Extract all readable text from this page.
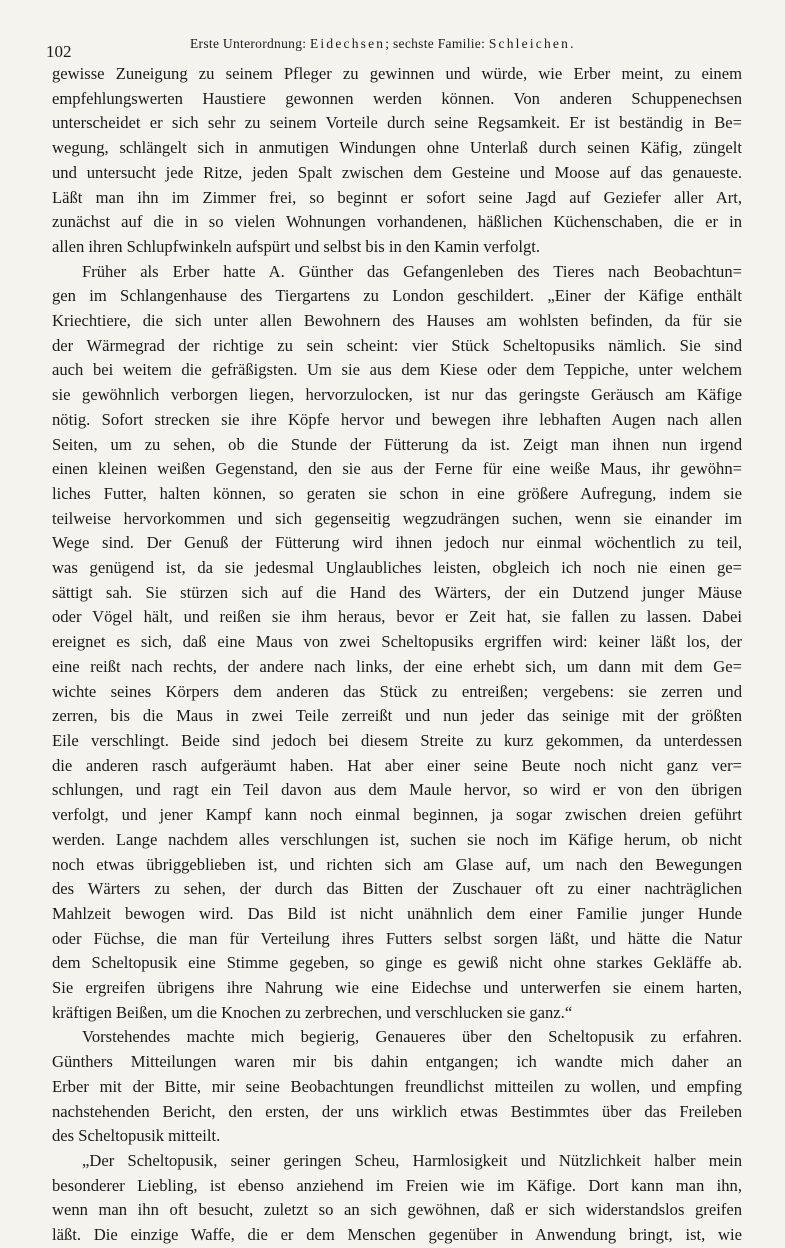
102	Erste Unterordnung: Eidechsen; sechste Familie: Schleichen.
gewisse Zuneigung zu seinem Pfleger zu gewinnen und würde, wie Erber meint, zu einem
empfehlungswerten Haustiere gewonnen werden können. Von anderen Schuppenechsen
unterscheidet er sich sehr zu seinem Vorteile durch seine Regsamkeit. Er ist beständig in Be=
wegung, schlängelt sich in anmutigen Windungen ohne Unterlaß durch seinen Käfig, züngelt
und untersucht jede Ritze, jeden Spalt zwischen dem Gesteine und Moose auf das genaueste.
Läßt man ihn im Zimmer frei, so beginnt er sofort seine Jagd auf Geziefer aller Art,
zunächst auf die in so vielen Wohnungen vorhandenen, häßlichen Küchenschaben, die er in
allen ihren Schlupfwinkeln aufspürt und selbst bis in den Kamin verfolgt.
Früher als Erber hatte A. Günther das Gefangenleben des Tieres nach Beobachtun=
gen im Schlangenhause des Tiergartens zu London geschildert. „Einer der Käfige enthält
Kriechtiere, die sich unter allen Bewohnern des Hauses am wohlsten befinden, da für sie
der Wärmegrad der richtige zu sein scheint: vier Stück Scheltopusiks nämlich. Sie sind
auch bei weitem die gefräßigsten. Um sie aus dem Kiese oder dem Teppiche, unter welchem
sie gewöhnlich verborgen liegen, hervorzulocken, ist nur das geringste Geräusch am Käfige
nötig. Sofort strecken sie ihre Köpfe hervor und bewegen ihre lebhaften Augen nach allen
Seiten, um zu sehen, ob die Stunde der Fütterung da ist. Zeigt man ihnen nun irgend
einen kleinen weißen Gegenstand, den sie aus der Ferne für eine weiße Maus, ihr gewöhn=
liches Futter, halten können, so geraten sie schon in eine größere Aufregung, indem sie
teilweise hervorkommen und sich gegenseitig wegzudrängen suchen, wenn sie einander im
Wege sind. Der Genuß der Fütterung wird ihnen jedoch nur einmal wöchentlich zu teil,
was genügend ist, da sie jedesmal Unglaubliches leisten, obgleich ich noch nie einen ge=
sättigt sah. Sie stürzen sich auf die Hand des Wärters, der ein Dutzend junger Mäuse
oder Vögel hält, und reißen sie ihm heraus, bevor er Zeit hat, sie fallen zu lassen. Dabei
ereignet es sich, daß eine Maus von zwei Scheltopusiks ergriffen wird: keiner läßt los, der
eine reißt nach rechts, der andere nach links, der eine erhebt sich, um dann mit dem Ge=
wichte seines Körpers dem anderen das Stück zu entreißen; vergebens: sie zerren und
zerren, bis die Maus in zwei Teile zerreißt und nun jeder das seinige mit der größten
Eile verschlingt. Beide sind jedoch bei diesem Streite zu kurz gekommen, da unterdessen
die anderen rasch aufgeräumt haben. Hat aber einer seine Beute noch nicht ganz ver=
schlungen, und ragt ein Teil davon aus dem Maule hervor, so wird er von den übrigen
verfolgt, und jener Kampf kann noch einmal beginnen, ja sogar zwischen dreien geführt
werden. Lange nachdem alles verschlungen ist, suchen sie noch im Käfige herum, ob nicht
noch etwas übriggeblieben ist, und richten sich am Glase auf, um nach den Bewegungen
des Wärters zu sehen, der durch das Bitten der Zuschauer oft zu einer nachträglichen
Mahlzeit bewogen wird. Das Bild ist nicht unähnlich dem einer Familie junger Hunde
oder Füchse, die man für Verteilung ihres Futters selbst sorgen läßt, und hätte die Natur
dem Scheltopusik eine Stimme gegeben, so ginge es gewiß nicht ohne starkes Gekläffe ab.
Sie ergreifen übrigens ihre Nahrung wie eine Eidechse und unterwerfen sie einem harten,
kräftigen Beißen, um die Knochen zu zerbrechen, und verschlucken sie ganz.“
Vorstehendes machte mich begierig, Genaueres über den Scheltopusik zu erfahren.
Günthers Mitteilungen waren mir bis dahin entgangen; ich wandte mich daher an
Erber mit der Bitte, mir seine Beobachtungen freundlichst mitteilen zu wollen, und empfing
nachstehenden Bericht, den ersten, der uns wirklich etwas Bestimmtes über das Freileben
des Scheltopusik mitteilt.
„Der Scheltopusik, seiner geringen Scheu, Harmlosigkeit und Nützlichkeit halber mein
besonderer Liebling, ist ebenso anziehend im Freien wie im Käfige. Dort kann man ihn,
wenn man ihn oft besucht, zuletzt so an sich gewöhnen, daß er sich widerstandslos greifen
läßt. Die einzige Waffe, die er dem Menschen gegenüber in Anwendung bringt, ist, wie
